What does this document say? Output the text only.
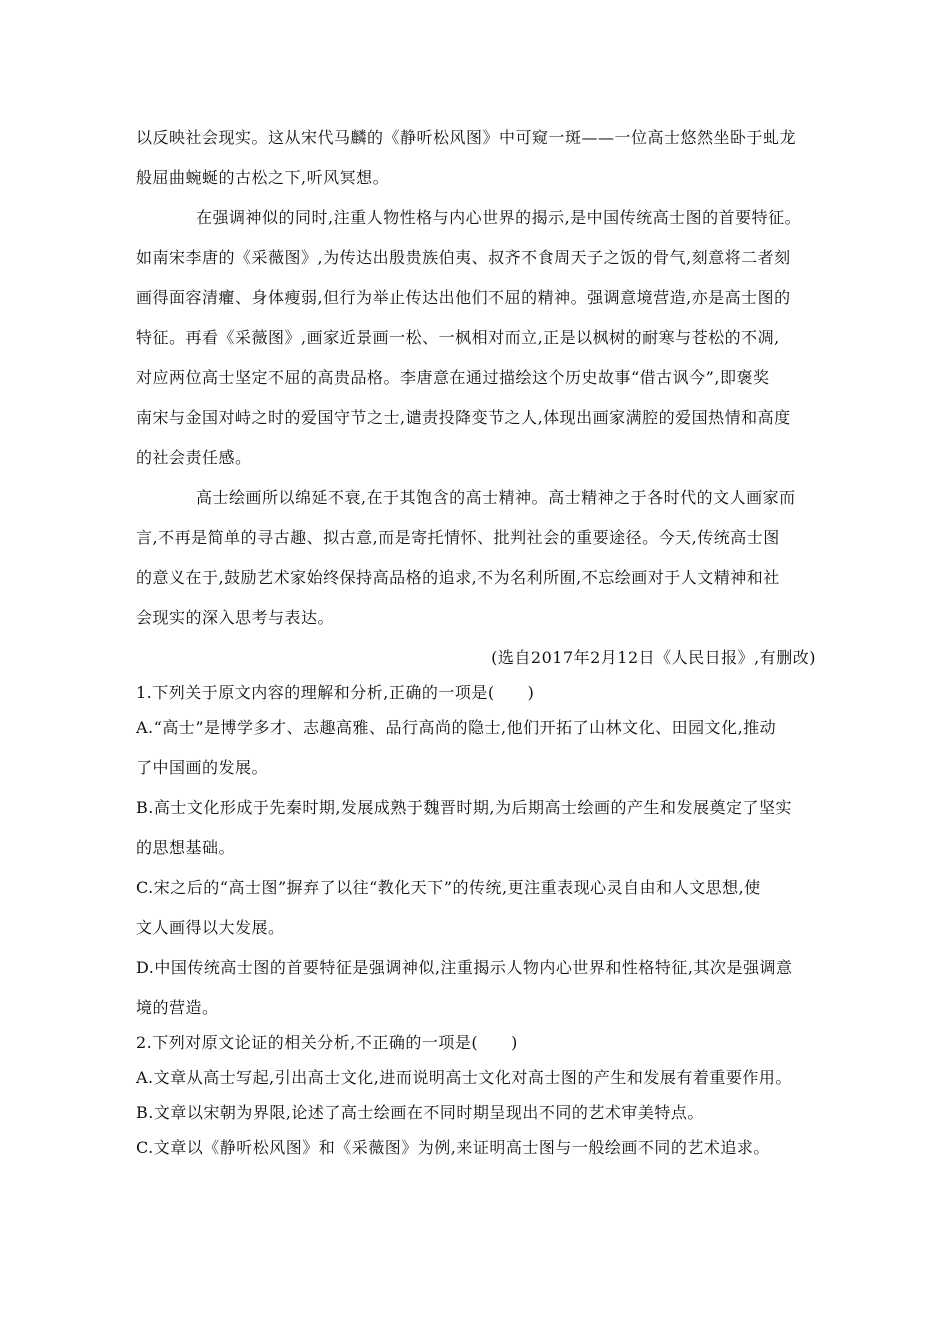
以反映社会现实。这从宋代马麟的《静听松风图》中可窥一斑——一位高士悠然坐卧于虬龙
般屈曲蜿蜒的古松之下,听风冥想。
在强调神似的同时,注重人物性格与内心世界的揭示,是中国传统高士图的首要特征。
如南宋李唐的《采薇图》,为传达出殷贵族伯夷、叔齐不食周天子之饭的骨气,刻意将二者刻
画得面容清癯、身体瘦弱,但行为举止传达出他们不屈的精神。强调意境营造,亦是高士图的
特征。再看《采薇图》,画家近景画一松、一枫相对而立,正是以枫树的耐寒与苍松的不凋,
对应两位高士坚定不屈的高贵品格。李唐意在通过描绘这个历史故事“借古讽今”,即褒奖
南宋与金国对峙之时的爱国守节之士,谴责投降变节之人,体现出画家满腔的爱国热情和高度
的社会责任感。
高士绘画所以绵延不衰,在于其饱含的高士精神。高士精神之于各时代的文人画家而
言,不再是简单的寻古趣、拟古意,而是寄托情怀、批判社会的重要途径。今天,传统高士图
的意义在于,鼓励艺术家始终保持高品格的追求,不为名利所囿,不忘绘画对于人文精神和社
会现实的深入思考与表达。
(选自2017年2月12日《人民日报》,有删改)
1.下列关于原文内容的理解和分析,正确的一项是(　　)
A.“高士”是博学多才、志趣高雅、品行高尚的隐士,他们开拓了山林文化、田园文化,推动
了中国画的发展。
B.高士文化形成于先秦时期,发展成熟于魏晋时期,为后期高士绘画的产生和发展奠定了坚实
的思想基础。
C.宋之后的“高士图”摒弃了以往“教化天下”的传统,更注重表现心灵自由和人文思想,使
文人画得以大发展。
D.中国传统高士图的首要特征是强调神似,注重揭示人物内心世界和性格特征,其次是强调意
境的营造。
2.下列对原文论证的相关分析,不正确的一项是(　　)
A.文章从高士写起,引出高士文化,进而说明高士文化对高士图的产生和发展有着重要作用。
B.文章以宋朝为界限,论述了高士绘画在不同时期呈现出不同的艺术审美特点。
C.文章以《静听松风图》和《采薇图》为例,来证明高士图与一般绘画不同的艺术追求。
